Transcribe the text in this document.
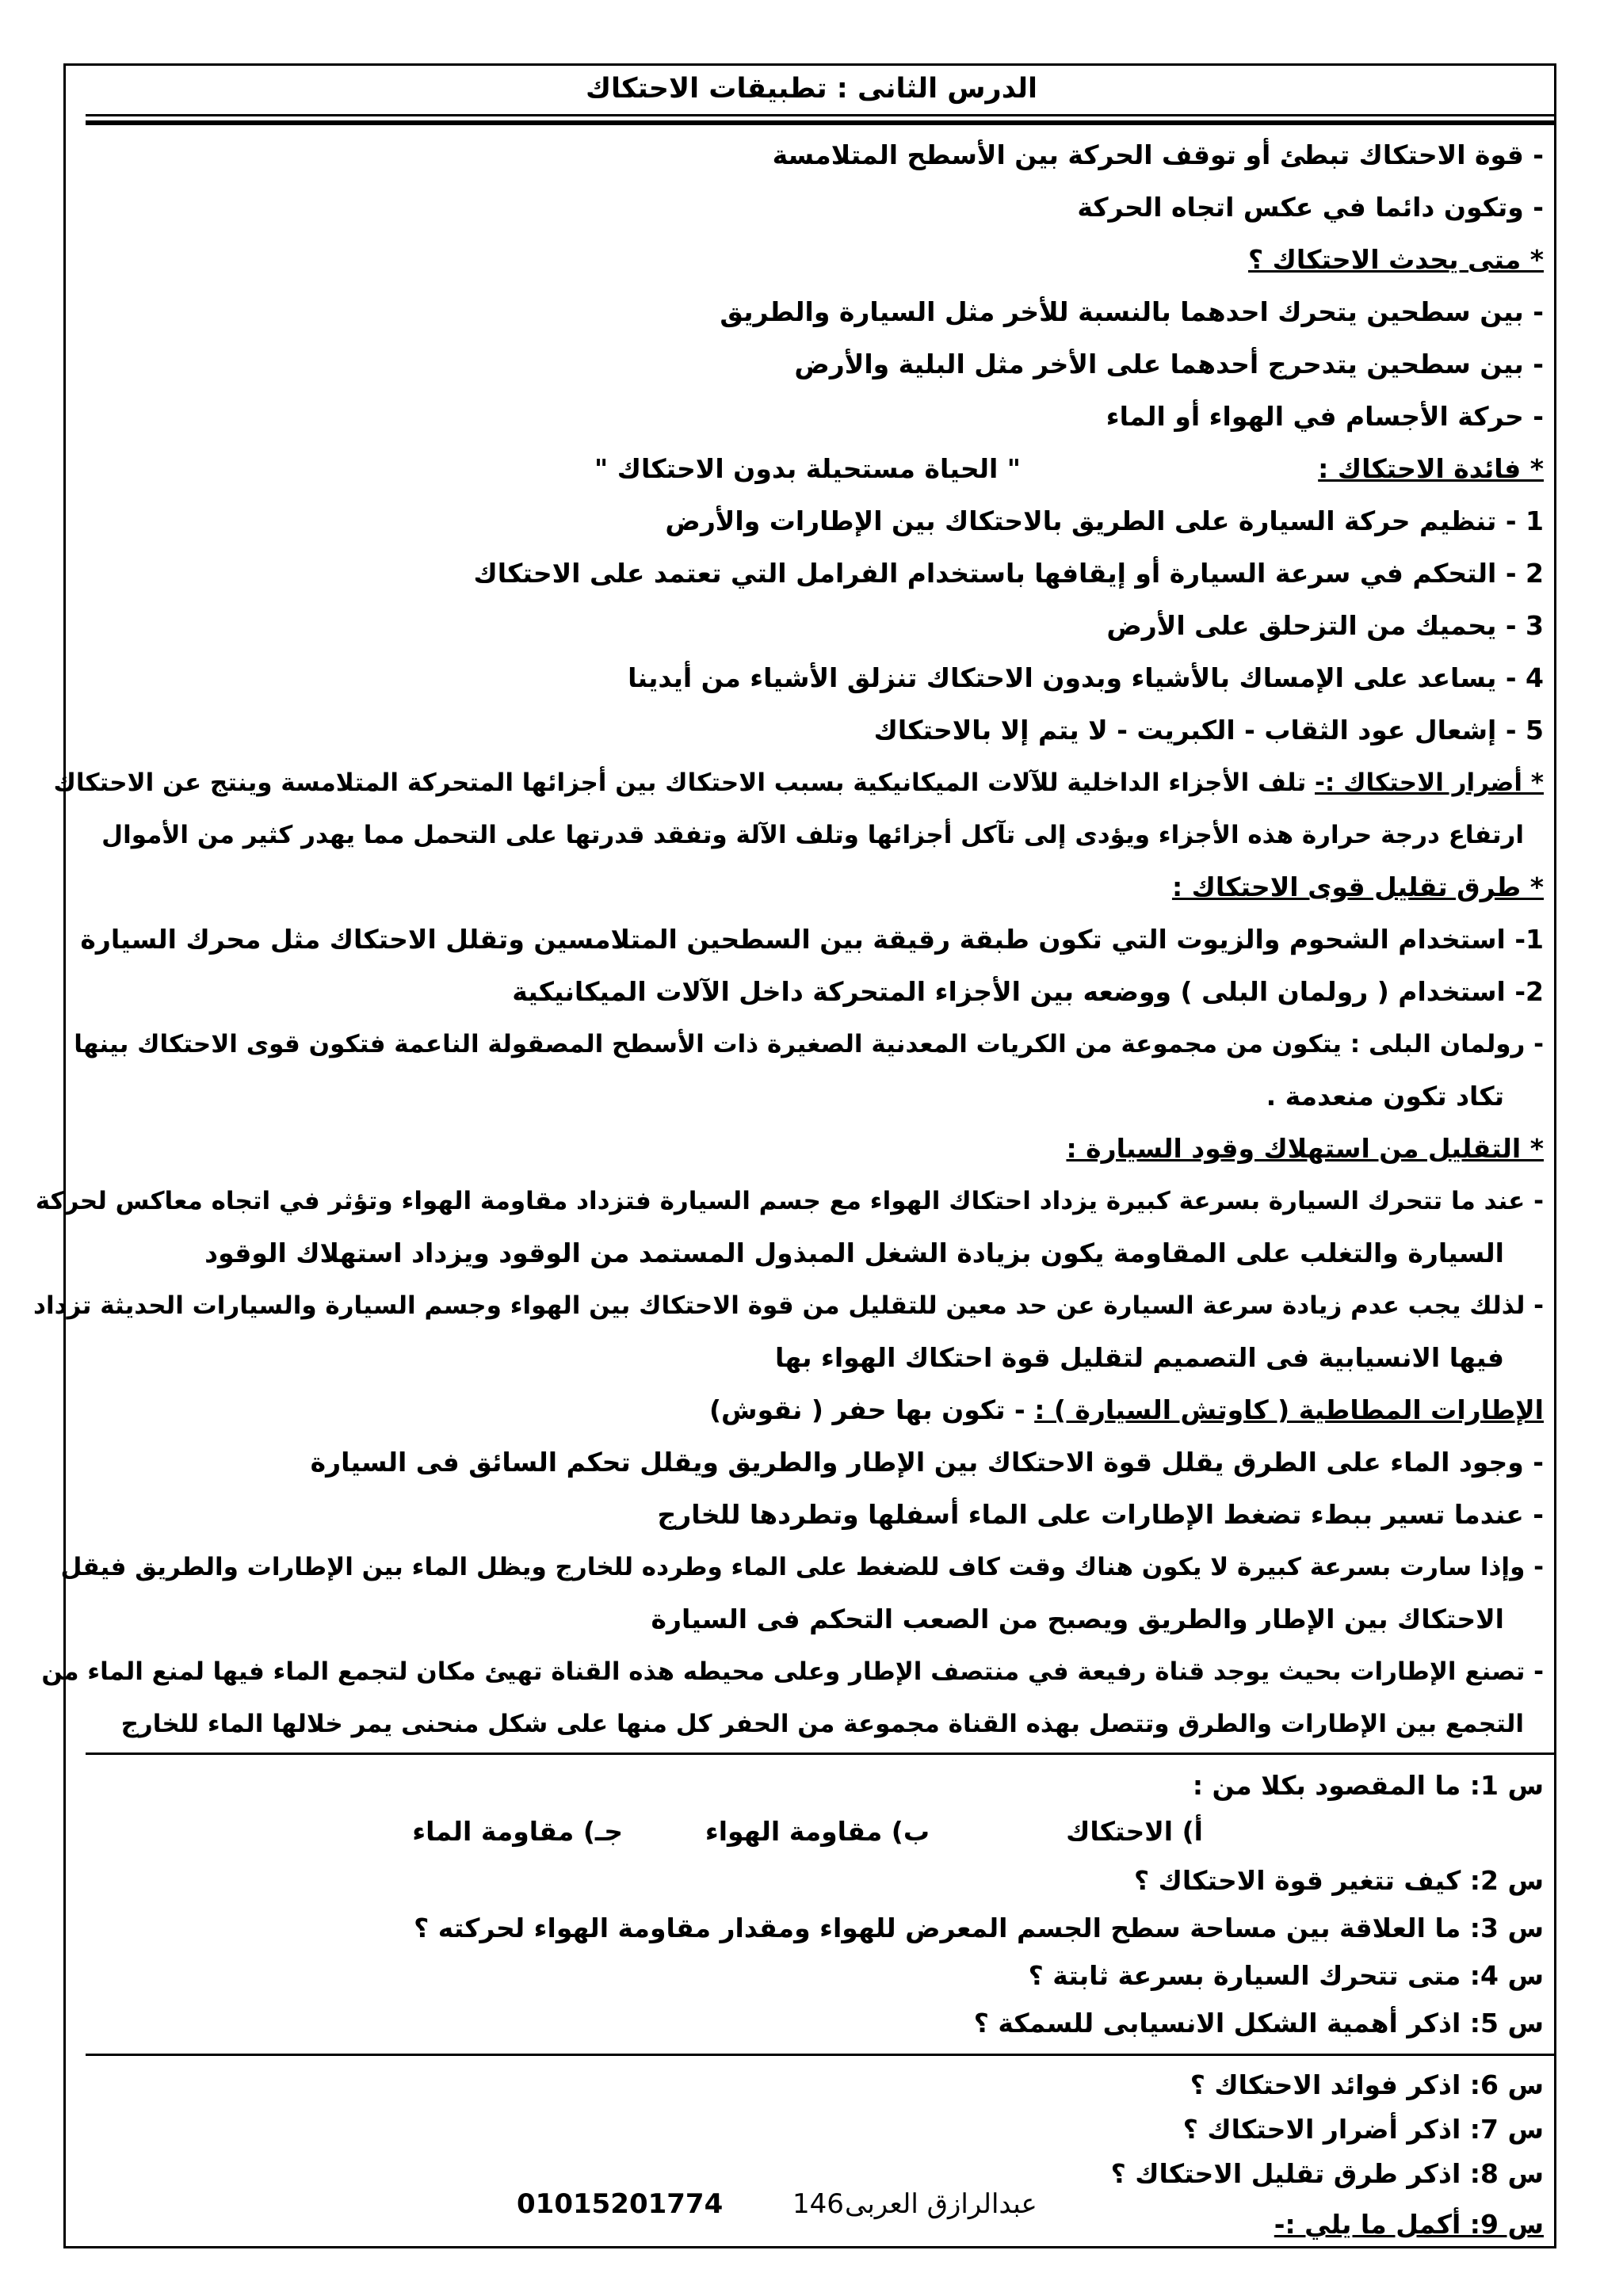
الدرس الثانى : تطبيقات الاحتكاك
- قوة الاحتكاك تبطئ أو توقف الحركة بين الأسطح المتلامسة
- وتكون دائما في عكس اتجاه الحركة
* متى يحدث الاحتكاك ؟
- بين سطحين يتحرك احدهما بالنسبة للأخر مثل السيارة والطريق
- بين سطحين يتدحرج أحدهما على الأخر مثل البلية والأرض
- حركة الأجسام في الهواء أو الماء
* فائدة الاحتكاك :
" الحياة مستحيلة بدون الاحتكاك "
1 - تنظيم حركة السيارة على الطريق بالاحتكاك بين الإطارات والأرض
2 - التحكم في سرعة السيارة أو إيقافها باستخدام الفرامل التي تعتمد على الاحتكاك
3 - يحميك من التزحلق على الأرض
4 - يساعد على الإمساك بالأشياء وبدون الاحتكاك تنزلق الأشياء من أيدينا
5 - إشعال عود الثقاب - الكبريت - لا يتم إلا بالاحتكاك
* أضرار الاحتكاك :- تلف الأجزاء الداخلية للآلات الميكانيكية بسبب الاحتكاك بين أجزائها المتحركة المتلامسة وينتج عن الاحتكاك
ارتفاع درجة حرارة هذه الأجزاء ويؤدى إلى تآكل أجزائها وتلف الآلة وتفقد قدرتها على التحمل مما يهدر كثير من الأموال
* طرق تقليل قوى الاحتكاك :
1- استخدام الشحوم والزيوت التي تكون طبقة رقيقة بين السطحين المتلامسين وتقلل الاحتكاك مثل محرك السيارة
2- استخدام ( رولمان البلى ) ووضعه بين الأجزاء المتحركة داخل الآلات الميكانيكية
- رولمان البلى : يتكون من مجموعة من الكريات المعدنية الصغيرة ذات الأسطح المصقولة الناعمة فتكون قوى الاحتكاك بينها
تكاد تكون منعدمة .
* التقليل من استهلاك وقود السيارة :
- عند ما تتحرك السيارة بسرعة كبيرة يزداد احتكاك الهواء مع جسم السيارة فتزداد مقاومة الهواء وتؤثر في اتجاه معاكس لحركة
السيارة والتغلب على المقاومة يكون بزيادة الشغل المبذول المستمد من الوقود ويزداد استهلاك الوقود
- لذلك يجب عدم زيادة سرعة السيارة عن حد معين للتقليل من قوة الاحتكاك بين الهواء وجسم السيارة والسيارات الحديثة تزداد
فيها الانسيابية فى التصميم لتقليل قوة احتكاك الهواء بها
الإطارات المطاطية ( كاوتش السيارة ) : - تكون بها حفر ( نقوش)
- وجود الماء على الطرق يقلل قوة الاحتكاك بين الإطار والطريق ويقلل تحكم السائق فى السيارة
- عندما تسير ببطء تضغط الإطارات على الماء أسفلها وتطردها للخارج
- وإذا سارت بسرعة كبيرة لا يكون هناك وقت كاف للضغط على الماء وطرده للخارج ويظل الماء بين الإطارات والطريق فيقل
الاحتكاك بين الإطار والطريق ويصبح من الصعب التحكم فى السيارة
- تصنع الإطارات بحيث يوجد قناة رفيعة في منتصف الإطار وعلى محيطه هذه القناة تهيئ مكان لتجمع الماء فيها لمنع الماء من
التجمع بين الإطارات والطرق وتتصل بهذه القناة مجموعة من الحفر كل منها على شكل منحنى يمر خلالها الماء للخارج
س 1: ما المقصود بكلا من :
أ) الاحتكاك
ب) مقاومة الهواء
جـ) مقاومة الماء
س 2: كيف تتغير قوة الاحتكاك ؟
س 3: ما العلاقة بين مساحة سطح الجسم المعرض للهواء ومقدار مقاومة الهواء لحركته ؟
س 4: متى تتحرك السيارة بسرعة ثابتة ؟
س 5: اذكر أهمية الشكل الانسيابى للسمكة ؟
س 6: اذكر فوائد الاحتكاك ؟
س 7: اذكر أضرار الاحتكاك ؟
س 8: اذكر طرق تقليل الاحتكاك ؟
س 9: أكمل ما يلي :-
01015201774	146 عبدالرازق العربى
